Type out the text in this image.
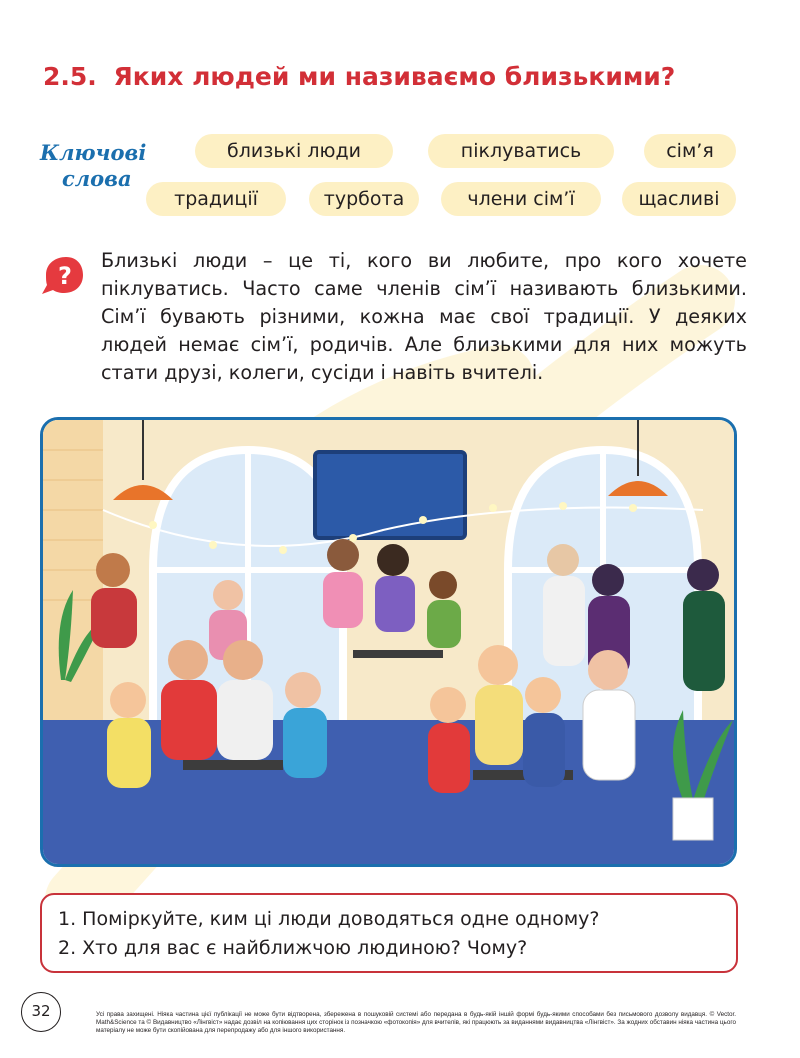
2.5. Яких людей ми називаємо близькими?
Ключові
слова
близькі люди	піклуватись	сім’я
традиції	турбота	члени сім’ї	щасливі
?
Близькі люди – це ті, кого ви любите, про кого хочете піклуватись. Часто саме членів сім’ї називають близькими. Сім’ї бувають різними, кожна має свої традиції. У деяких людей немає сім’ї, родичів. Але близькими для них можуть стати друзі, колеги, сусіди і навіть вчителі.
1. Поміркуйте, ким ці люди доводяться одне одному?
2. Хто для вас є найближчою людиною? Чому?
32	Усі права захищені. Ніяка частина цієї публікації не може бути відтворена, збережена в пошуковій системі або передана в будь-якій іншій формі будь-якими способами без письмового дозволу видавця. © Vector. Math&Science та © Видавництво «Лінгвіст» надає дозвіл на копіювання цих сторінок із позначкою «фотокопія» для вчителів, які працюють за виданнями видавництва «Лінгвіст». За жодних обставин ніяка частина цього матеріалу не може бути скопійована для перепродажу або для іншого використання.
